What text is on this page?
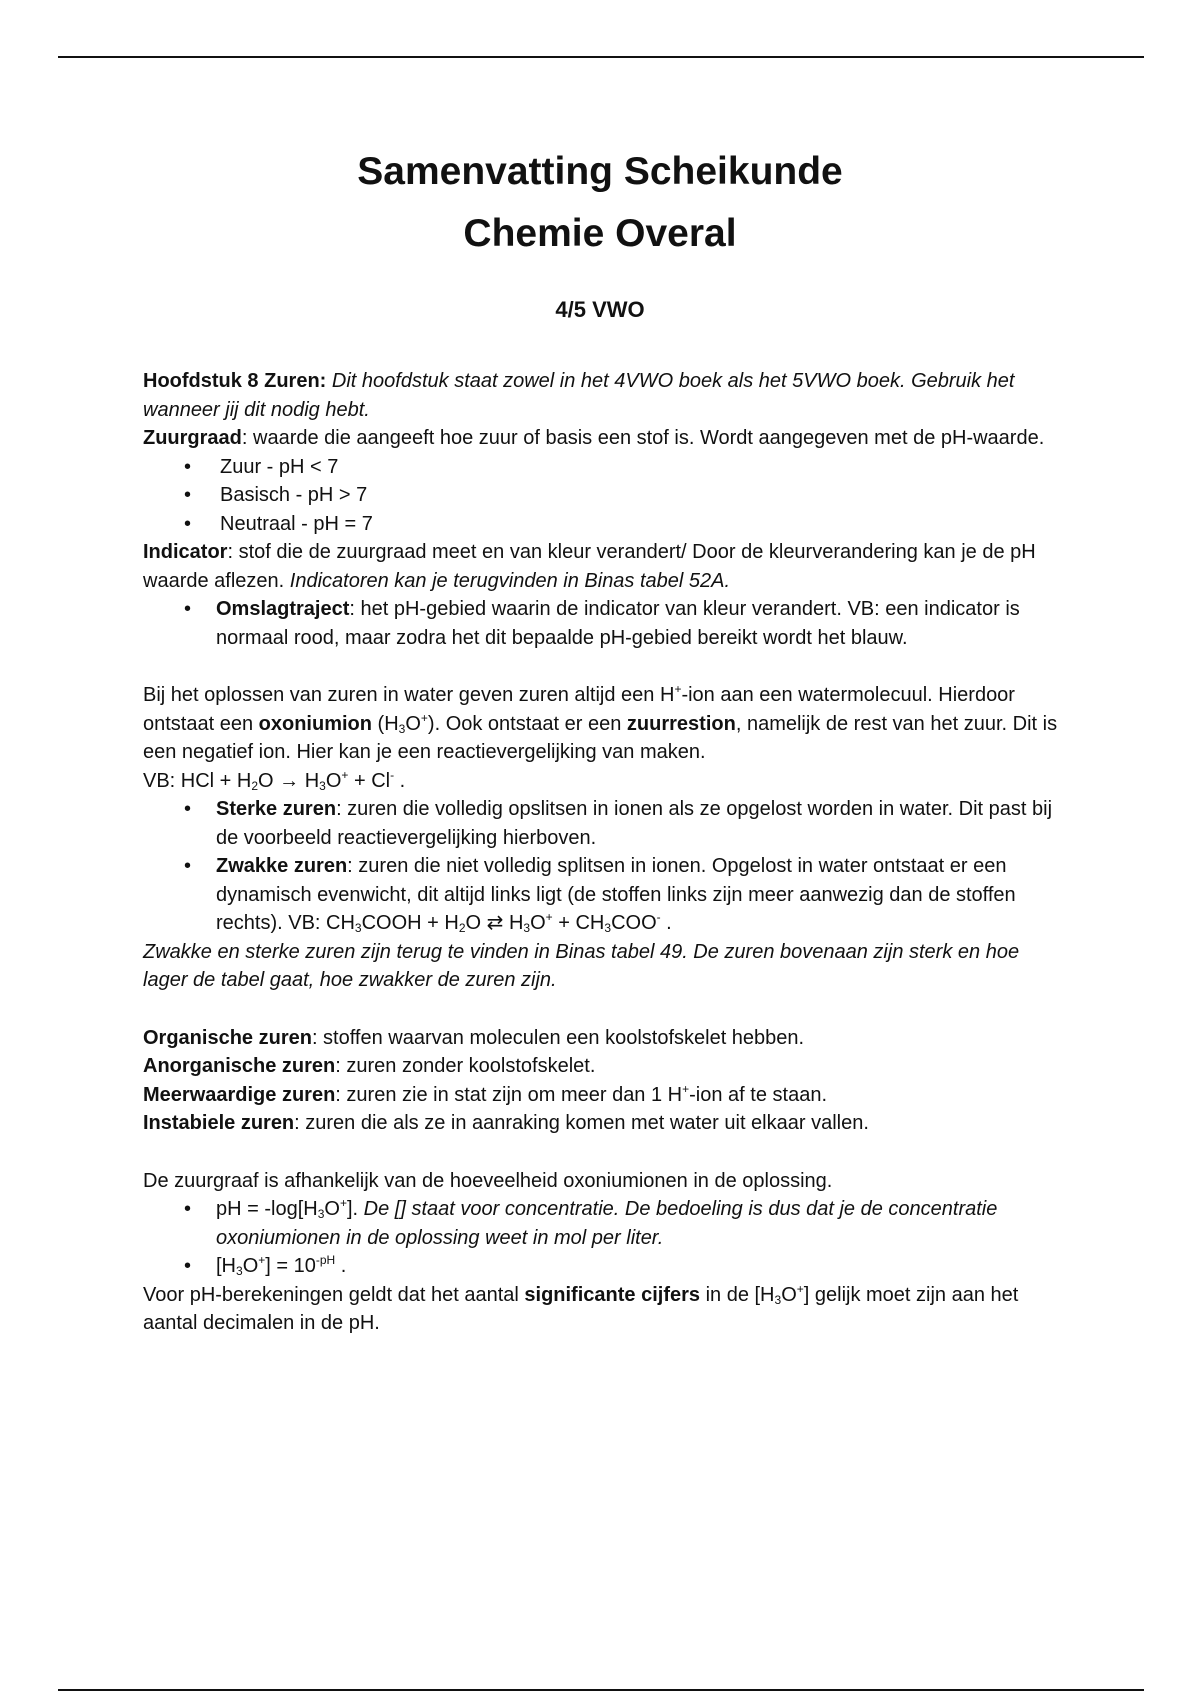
Samenvatting Scheikunde
Chemie Overal
4/5 VWO

Hoofdstuk 8 Zuren: Dit hoofdstuk staat zowel in het 4VWO boek als het 5VWO boek. Gebruik het wanneer jij dit nodig hebt.

Zuurgraad: waarde die aangeeft hoe zuur of basis een stof is. Wordt aangegeven met de pH-waarde.

• Zuur - pH < 7
• Basisch - pH > 7
• Neutraal - pH = 7

Indicator: stof die de zuurgraad meet en van kleur verandert/ Door de kleurverandering kan je de pH waarde aflezen. Indicatoren kan je terugvinden in Binas tabel 52A.

• Omslagtraject: het pH-gebied waarin de indicator van kleur verandert. VB: een indicator is normaal rood, maar zodra het dit bepaalde pH-gebied bereikt wordt het blauw.

Bij het oplossen van zuren in water geven zuren altijd een H+-ion aan een watermolecuul. Hierdoor ontstaat een oxoniumion $(H_3O^+)$. Ook ontstaat er een zuurrestion, namelijk de rest van het zuur. Dit is een negatief ion. Hier kan je een reactievergelijking van maken.

VB: HCl + $H_2O \to H_3O^+ + Cl^-$ .

• Sterke zuren: zuren die volledig opslitsen in ionen als ze opgelost worden in water. Dit past bij de voorbeeld reactievergelijking hierboven.
• Zwakke zuren: zuren die niet volledig splitsen in ionen. Opgelost in water ontstaat er een dynamisch evenwicht, dit altijd links ligt (de stoffen links zijn meer aanwezig dan de stoffen rechts). VB: $CH_3COOH + H_2O$ ⇄ $H_3O^+ + CH_3COO^-$ .

Zwakke en sterke zuren zijn terug te vinden in Binas tabel 49. De zuren bovenaan zijn sterk en hoe lager de tabel gaat, hoe zwakker de zuren zijn.

Organische zuren: stoffen waarvan moleculen een koolstofskelet hebben.

Anorganische zuren: zuren zonder koolstofskelet.

Meerwaardige zuren: zuren zie in stat zijn om meer dan 1 H+-ion af te staan.

Instabiele zuren: zuren die als ze in aanraking komen met water uit elkaar vallen.

De zuurgraaf is afhankelijk van de hoeveelheid oxoniumionen in de oplossing.

• pH = $-\log[H_3O^+]$. De [] staat voor concentratie. De bedoeling is dus dat je de concentratie oxoniumionen in de oplossing weet in mol per liter.
• $[H_3O^+] = 10^{-pH}$ .

Voor pH-berekeningen geldt dat het aantal significante cijfers in de $[H_3O^+]$ gelijk moet zijn aan het aantal decimalen in de pH.
